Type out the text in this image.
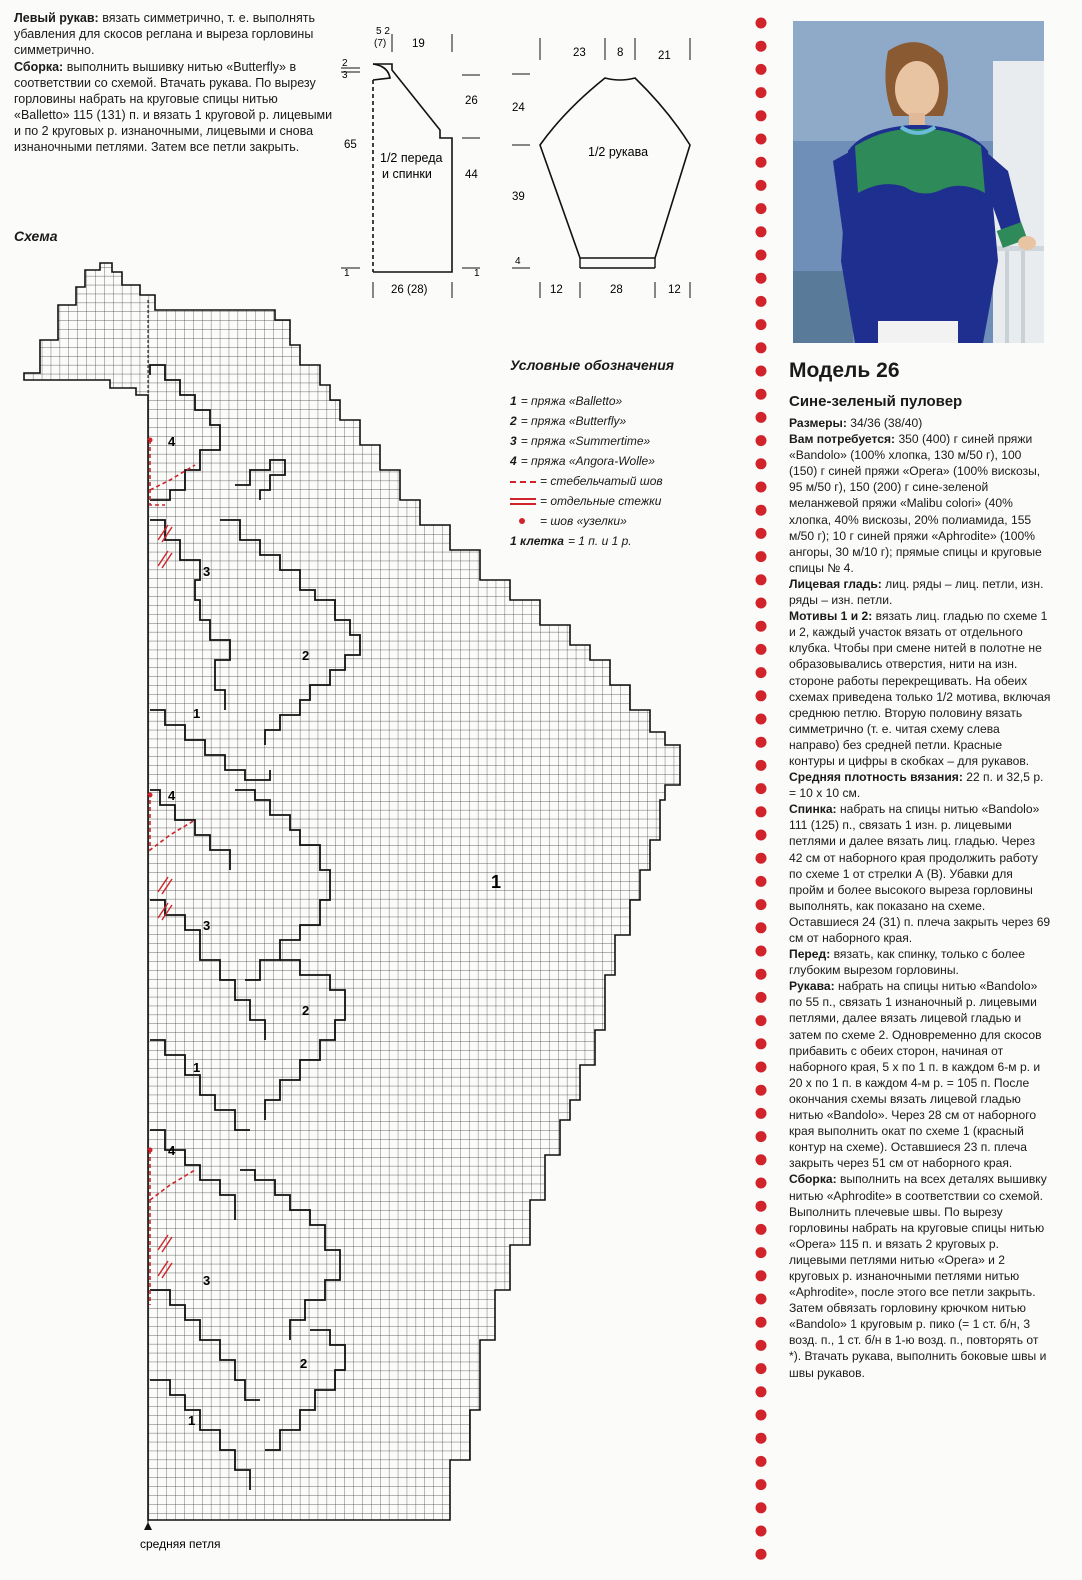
Левый рукав: вязать симметрично, т. е. выполнять убавления для скосов реглана и выреза горловины симметрично.

Сборка: выполнить вышивку нитью «Butterfly» в соответствии со схемой. Втачать рукава. По вырезу горловины набрать на круговые спицы нитью «Balletto» 115 (131) п. и вязать 1 круговой р. лицевыми и по 2 круговых р. изнаночными, лицевыми и снова изнаночными петлями. Затем все петли закрыть.

Схема
средняя петля
4
3
2
1
4
1
3
2
1
4
3
2
1
1/2 переда
и спинки
5 2
(7) 19
2
3
65
26
44
1	1
26 (28)
1/2 рукава
23	8	21
24
39
4
12	28	12
Условные обозначения
1 = пряжа «Balletto»
2 = пряжа «Butterfly»
3 = пряжа «Summertime»
4 = пряжа «Angora-Wolle»
= стебельчатый шов
= отдельные стежки
= шов «узелки»
1 клетка = 1 п. и 1 р.
Модель 26
Сине-зеленый пуловер

Размеры: 34/36 (38/40)

Вам потребуется: 350 (400) г синей пряжи «Bandolo» (100% хлопка, 130 м/50 г), 100 (150) г синей пряжи «Opera» (100% вискозы, 95 м/50 г), 150 (200) г сине-зеленой меланжевой пряжи «Malibu colori» (40% хлопка, 40% вискозы, 20% полиамида, 155 м/50 г); 10 г синей пряжи «Aphrodite» (100% ангоры, 30 м/10 г); прямые спицы и круговые спицы № 4.

Лицевая гладь: лиц. ряды – лиц. петли, изн. ряды – изн. петли.

Мотивы 1 и 2: вязать лиц. гладью по схеме 1 и 2, каждый участок вязать от отдельного клубка. Чтобы при смене нитей в полотне не образовывались отверстия, нити на изн. стороне работы перекрещивать. На обеих схемах приведена только 1/2 мотива, включая среднюю петлю. Вторую половину вязать симметрично (т. е. читая схему слева направо) без средней петли. Красные контуры и цифры в скобках – для рукавов.

Средняя плотность вязания: 22 п. и 32,5 р. = 10 х 10 см.

Спинка: набрать на спицы нитью «Bandolo» 111 (125) п., связать 1 изн. р. лицевыми петлями и далее вязать лиц. гладью. Через 42 см от наборного края продолжить работу по схеме 1 от стрелки А (В). Убавки для пройм и более высокого выреза горловины выполнять, как показано на схеме. Оставшиеся 24 (31) п. плеча закрыть через 69 см от наборного края.

Перед: вязать, как спинку, только с более глубоким вырезом горловины.

Рукава: набрать на спицы нитью «Bandolo» по 55 п., связать 1 изнаночный р. лицевыми петлями, далее вязать лицевой гладью и затем по схеме 2. Одновременно для скосов прибавить с обеих сторон, начиная от наборного края, 5 х по 1 п. в каждом 6-м р. и 20 х по 1 п. в каждом 4-м р. = 105 п. После окончания схемы вязать лицевой гладью нитью «Bandolo». Через 28 см от наборного края выполнить окат по схеме 1 (красный контур на схеме). Оставшиеся 23 п. плеча закрыть через 51 см от наборного края.

Сборка: выполнить на всех деталях вышивку нитью «Aphrodite» в соответствии со схемой. Выполнить плечевые швы. По вырезу горловины набрать на круговые спицы нитью «Opera» 115 п. и вязать 2 круговых р. лицевыми петлями нитью «Opera» и 2 круговых р. изнаночными петлями нитью «Aphrodite», после этого все петли закрыть. Затем обвязать горловину крючком нитью «Bandolo» 1 круговым р. пико (= 1 ст. б/н, 3 возд. п., 1 ст. б/н в 1-ю возд. п., повторять от *). Втачать рукава, выполнить боковые швы и швы рукавов.
